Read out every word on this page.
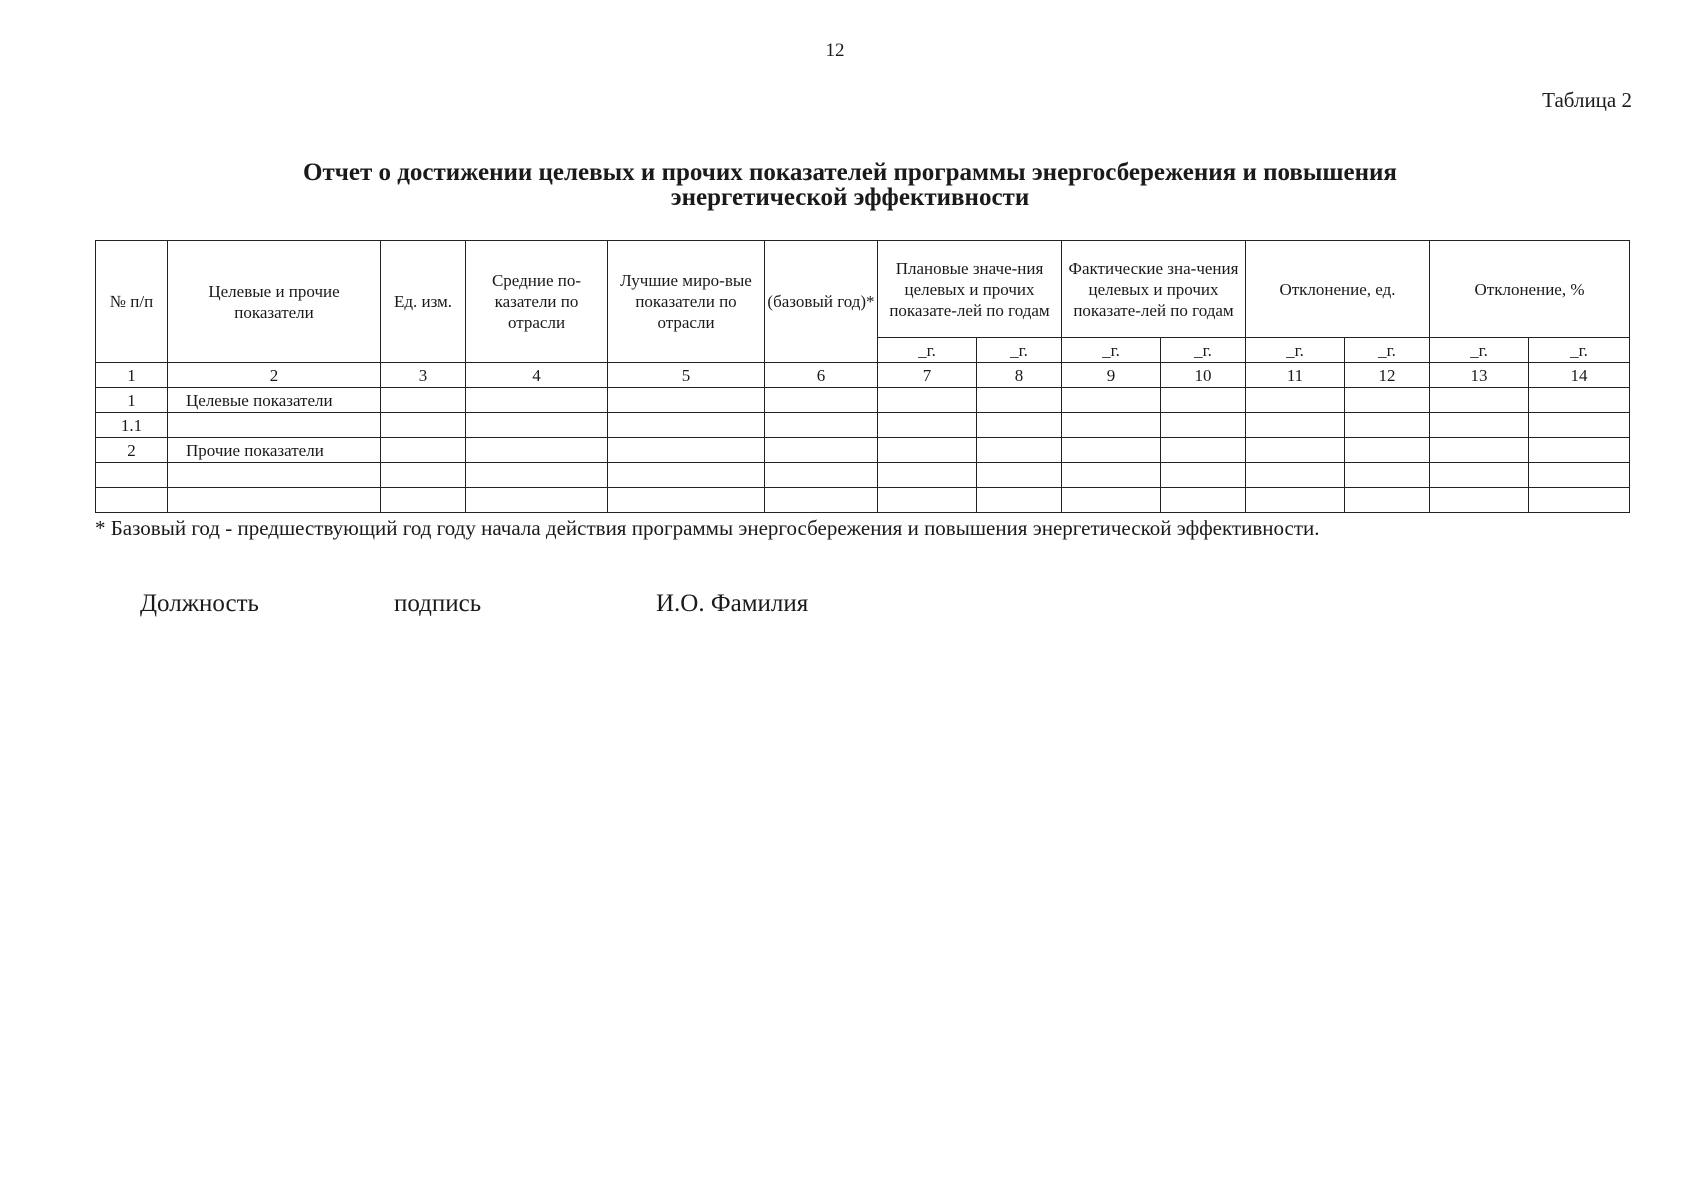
12
Таблица 2
Отчет о достижении целевых и прочих показателей программы энергосбережения и повышения
энергетической эффективности
№ п/п	Целевые и прочие показатели	Ед. изм.	Средние по-казатели по отрасли	Лучшие миро-вые показатели по отрасли	(базовый год)*	Плановые значе-ния целевых и прочих показате-лей по годам		Фактические зна-чения целевых и прочих показате-лей по годам		Отклонение, ед.		Отклонение, %	
						_г.	_г.	_г.	_г.	_г.	_г.	_г.	_г.
1	2	3	4	5	6	7	8	9	10	11	12	13	14
1	Целевые показатели												
1.1													
2	Прочие показатели												

* Базовый год - предшествующий год году начала действия программы энергосбережения и повышения энергетической эффективности.
Должность	подпись	И.О. Фамилия
